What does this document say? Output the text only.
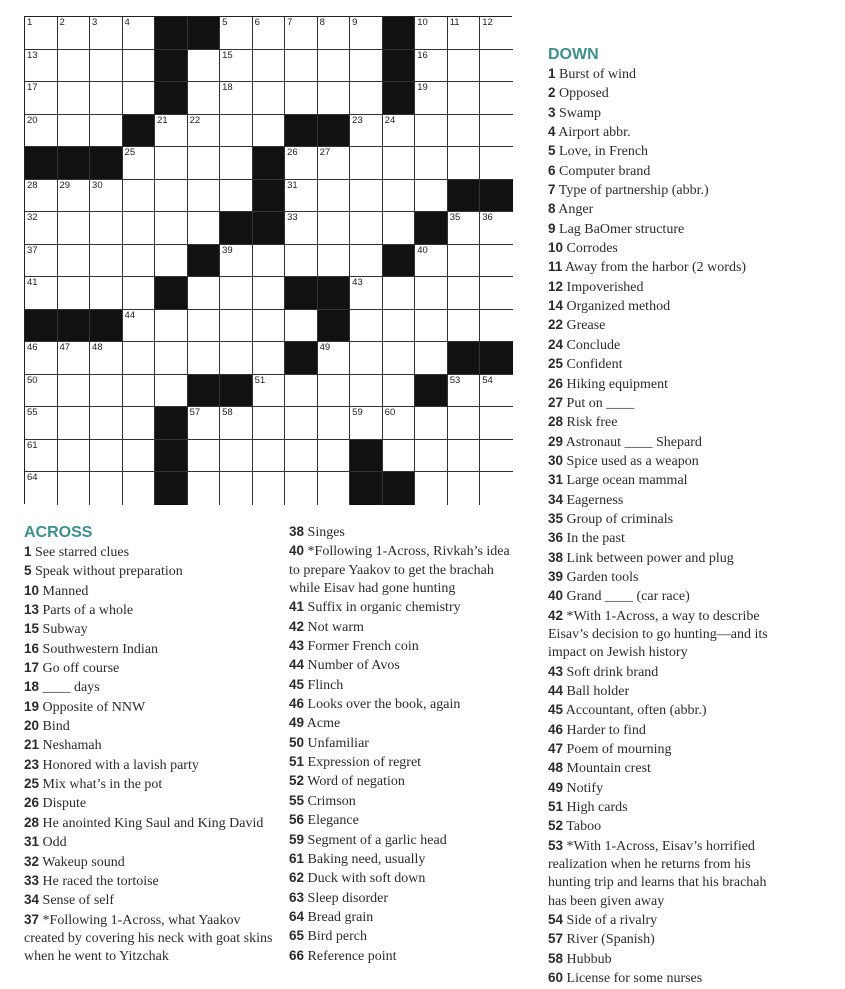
1	2	3	4	5	6	7	8	9	10 11 12
13	15	16
17	18	19
20	21 22	23 24
25	26 27
28 29 30	31
32	33	35 36
37	39	40
41	43
44
46 47 48	49
50	51	53 54
55	57 58	59 60
61
64
ACROSS
1 See starred clues
5 Speak without preparation
10 Manned
13 Parts of a whole
15 Subway
16 Southwestern Indian
17 Go off course
18 ____ days
19 Opposite of NNW
20 Bind
21 Neshamah
23 Honored with a lavish party
25 Mix what’s in the pot
26 Dispute
28 He anointed King Saul and King David
31 Odd
32 Wakeup sound
33 He raced the tortoise
34 Sense of self
37 *Following 1-Across, what Yaakov created by covering his neck with goat skins when he went to Yitzchak
38 Singes
40 *Following 1-Across, Rivkah’s idea to prepare Yaakov to get the brachah while Eisav had gone hunting
41 Suffix in organic chemistry
42 Not warm
43 Former French coin
44 Number of Avos
45 Flinch
46 Looks over the book, again
49 Acme
50 Unfamiliar
51 Expression of regret
52 Word of negation
55 Crimson
56 Elegance
59 Segment of a garlic head
61 Baking need, usually
62 Duck with soft down
63 Sleep disorder
64 Bread grain
65 Bird perch
66 Reference point
DOWN
1 Burst of wind
2 Opposed
3 Swamp
4 Airport abbr.
5 Love, in French
6 Computer brand
7 Type of partnership (abbr.)
8 Anger
9 Lag BaOmer structure
10 Corrodes
11 Away from the harbor (2 words)
12 Impoverished
14 Organized method
22 Grease
24 Conclude
25 Confident
26 Hiking equipment
27 Put on ____
28 Risk free
29 Astronaut ____ Shepard
30 Spice used as a weapon
31 Large ocean mammal
34 Eagerness
35 Group of criminals
36 In the past
38 Link between power and plug
39 Garden tools
40 Grand ____ (car race)
42 *With 1-Across, a way to describe Eisav’s decision to go hunting—and its impact on Jewish history
43 Soft drink brand
44 Ball holder
45 Accountant, often (abbr.)
46 Harder to find
47 Poem of mourning
48 Mountain crest
49 Notify
51 High cards
52 Taboo
53 *With 1-Across, Eisav’s horrified realization when he returns from his hunting trip and learns that his brachah has been given away
54 Side of a rivalry
57 River (Spanish)
58 Hubbub
60 License for some nurses
